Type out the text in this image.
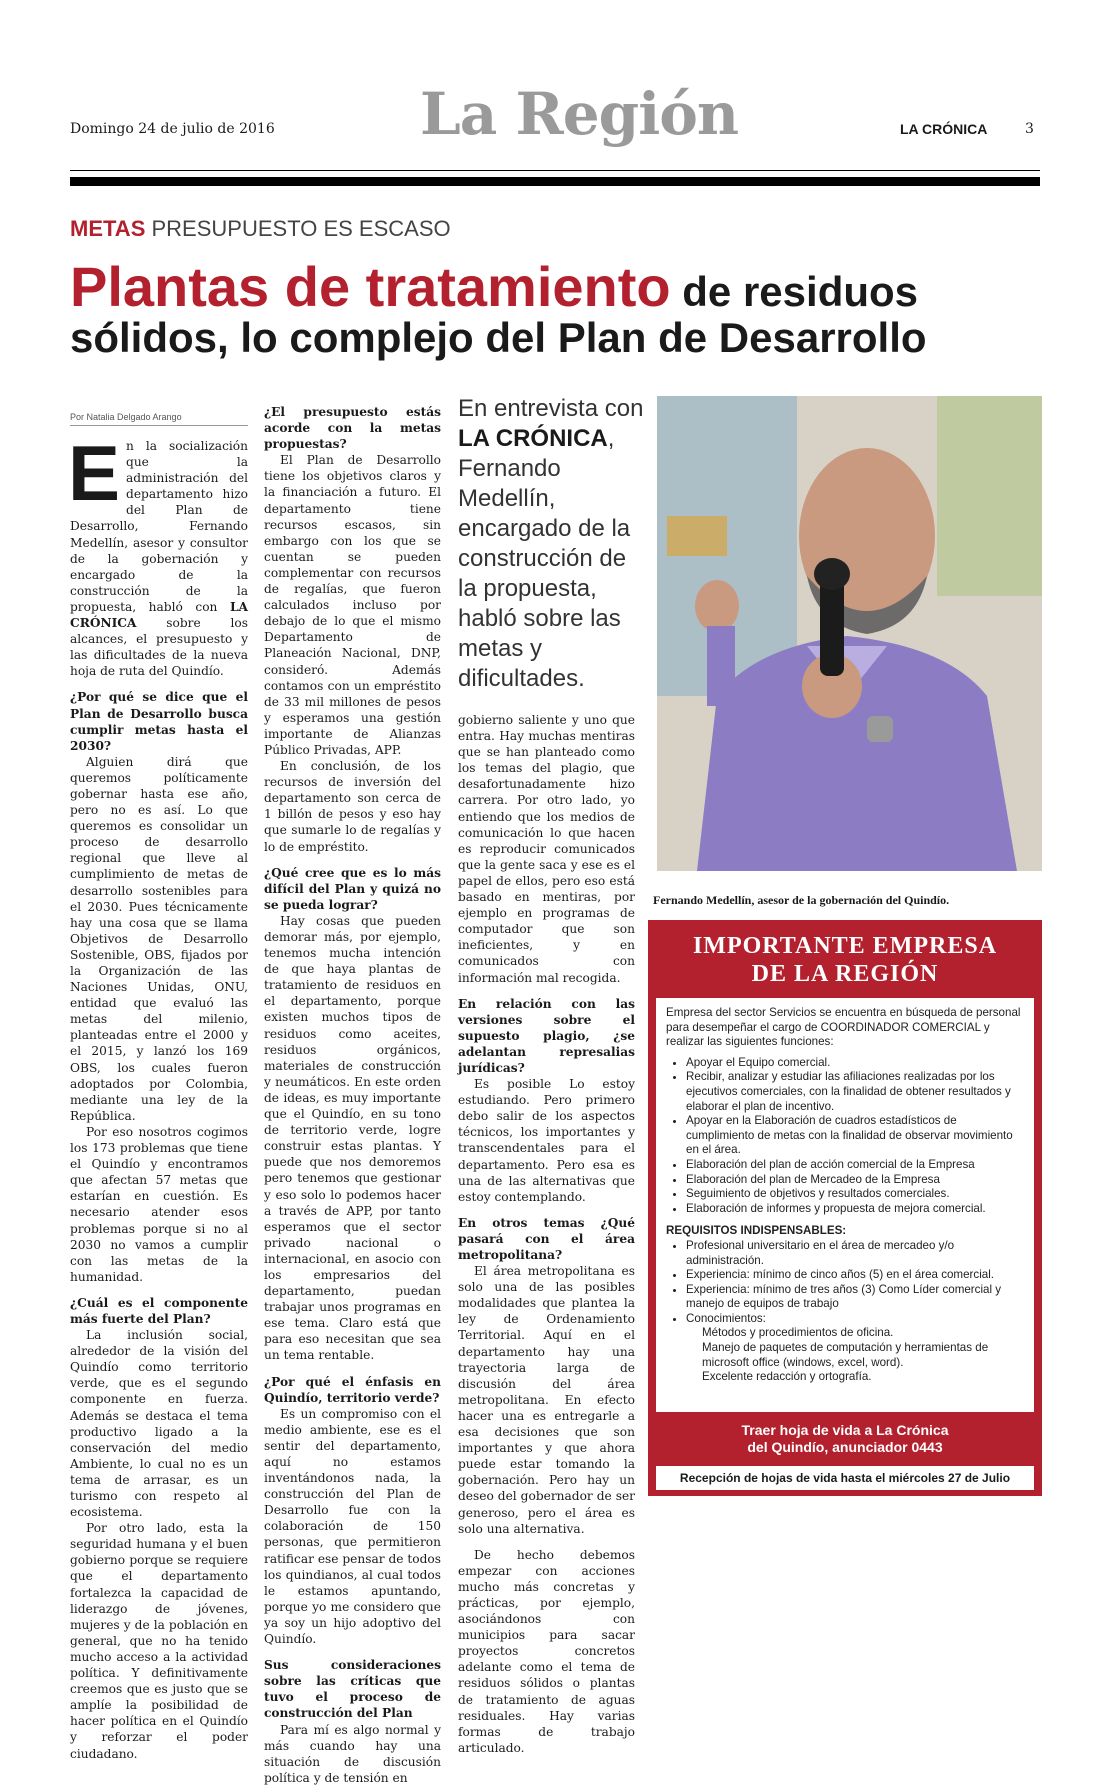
Domingo 24 de julio de 2016	La Región	LA CRÓNICA	3
METAS PRESUPUESTO ES ESCASO
Plantas de tratamiento de residuos sólidos, lo complejo del Plan de Desarrollo
Por Natalia Delgado Arango

En la socialización que la administración del departamento hizo del Plan de Desarrollo, Fernando Medellín, asesor y consultor de la gobernación y encargado de la construcción de la propuesta, habló con LA CRÓNICA sobre los alcances, el presupuesto y las dificultades de la nueva hoja de ruta del Quindío.

¿Por qué se dice que el Plan de Desarrollo busca cumplir metas hasta el 2030?

Alguien dirá que queremos políticamente gobernar hasta ese año, pero no es así. Lo que queremos es consolidar un proceso de desarrollo regional que lleve al cumplimiento de metas de desarrollo sostenibles para el 2030. Pues técnicamente hay una cosa que se llama Objetivos de Desarrollo Sostenible, OBS, fijados por la Organización de las Naciones Unidas, ONU, entidad que evaluó las metas del milenio, planteadas entre el 2000 y el 2015, y lanzó los 169 OBS, los cuales fueron adoptados por Colombia, mediante una ley de la República.

Por eso nosotros cogimos los 173 problemas que tiene el Quindío y encontramos que afectan 57 metas que estarían en cuestión. Es necesario atender esos problemas porque si no al 2030 no vamos a cumplir con las metas de la humanidad.

¿Cuál es el componente más fuerte del Plan?

La inclusión social, alrededor de la visión del Quindío como territorio verde, que es el segundo componente en fuerza. Además se destaca el tema productivo ligado a la conservación del medio Ambiente, lo cual no es un tema de arrasar, es un turismo con respeto al ecosistema.

Por otro lado, esta la seguridad humana y el buen gobierno porque se requiere que el departamento fortalezca la capacidad de liderazgo de jóvenes, mujeres y de la población en general, que no ha tenido mucho acceso a la actividad política. Y definitivamente creemos que es justo que se amplíe la posibilidad de hacer política en el Quindío y reforzar el poder ciudadano.

¿El presupuesto estás acorde con la metas propuestas?

El Plan de Desarrollo tiene los objetivos claros y la financiación a futuro. El departamento tiene recursos escasos, sin embargo con los que se cuentan se pueden complementar con recursos de regalías, que fueron calculados incluso por debajo de lo que el mismo Departamento de Planeación Nacional, DNP, consideró. Además contamos con un empréstito de 33 mil millones de pesos y esperamos una gestión importante de Alianzas Público Privadas, APP.

En conclusión, de los recursos de inversión del departamento son cerca de 1 billón de pesos y eso hay que sumarle lo de regalías y lo de empréstito.

¿Qué cree que es lo más difícil del Plan y quizá no se pueda lograr?

Hay cosas que pueden demorar más, por ejemplo, tenemos mucha intención de que haya plantas de tratamiento de residuos en el departamento, porque existen muchos tipos de residuos como aceites, residuos orgánicos, materiales de construcción y neumáticos. En este orden de ideas, es muy importante que el Quindío, en su tono de territorio verde, logre construir estas plantas. Y puede que nos demoremos pero tenemos que gestionar y eso solo lo podemos hacer a través de APP, por tanto esperamos que el sector privado nacional o internacional, en asocio con los empresarios del departamento, puedan trabajar unos programas en ese tema. Claro está que para eso necesitan que sea un tema rentable.

¿Por qué el énfasis en Quindío, territorio verde?

Es un compromiso con el medio ambiente, ese es el sentir del departamento, aquí no estamos inventándonos nada, la construcción del Plan de Desarrollo fue con la colaboración de 150 personas, que permitieron ratificar ese pensar de todos los quindianos, al cual todos le estamos apuntando, porque yo me considero que ya soy un hijo adoptivo del Quindío.

Sus consideraciones sobre las críticas que tuvo el proceso de construcción del Plan

Para mí es algo normal y más cuando hay una situación de discusión política y de tensión en

En entrevista con
LA CRÓNICA, Fernando Medellín, encargado de la construcción de la propuesta, habló sobre las metas y dificultades.

gobierno saliente y uno que entra. Hay muchas mentiras que se han planteado como los temas del plagio, que desafortunadamente hizo carrera. Por otro lado, yo entiendo que los medios de comunicación lo que hacen es reproducir comunicados que la gente saca y ese es el papel de ellos, pero eso está basado en mentiras, por ejemplo en programas de computador que son ineficientes, y en comunicados con información mal recogida.

En relación con las versiones sobre el supuesto plagio, ¿se adelantan represalias jurídicas?

Es posible Lo estoy estudiando. Pero primero debo salir de los aspectos técnicos, los importantes y transcendentales para el departamento. Pero esa es una de las alternativas que estoy contemplando.

En otros temas ¿Qué pasará con el área metropolitana?

El área metropolitana es solo una de las posibles modalidades que plantea la ley de Ordenamiento Territorial. Aquí en el departamento hay una trayectoria larga de discusión del área metropolitana. En efecto hacer una es entregarle a esa decisiones que son importantes y que ahora puede estar tomando la gobernación. Pero hay un deseo del gobernador de ser generoso, pero el área es solo una alternativa.

De hecho debemos empezar con acciones mucho más concretas y prácticas, por ejemplo, asociándonos con municipios para sacar proyectos concretos adelante como el tema de residuos sólidos o plantas de tratamiento de aguas residuales. Hay varias formas de trabajo articulado.

Fernando Medellín, asesor de la gobernación del Quindío.
IMPORTANTE EMPRESA
DE LA REGIÓN
Empresa del sector Servicios se encuentra en búsqueda de personal para desempeñar el cargo de COORDINADOR COMERCIAL y realizar las siguientes funciones:
• Apoyar el Equipo comercial.
• Recibir, analizar y estudiar las afiliaciones realizadas por los ejecutivos comerciales, con la finalidad de obtener resultados y elaborar el plan de incentivo.
• Apoyar en la Elaboración de cuadros estadísticos de cumplimiento de metas con la finalidad de observar movimiento en el área.
• Elaboración del plan de acción comercial de la Empresa
• Elaboración del plan de Mercadeo de la Empresa
• Seguimiento de objetivos y resultados comerciales.
• Elaboración de informes y propuesta de mejora comercial.
REQUISITOS INDISPENSABLES:
• Profesional universitario en el área de mercadeo y/o administración.
• Experiencia: mínimo de cinco años (5) en el área comercial.
• Experiencia: mínimo de tres años (3) Como Líder comercial y manejo de equipos de trabajo
• Conocimientos:
Métodos y procedimientos de oficina.
Manejo de paquetes de computación y herramientas de microsoft office (windows, excel, word).
Excelente redacción y ortografía.
Traer hoja de vida a La Crónica
del Quindío, anunciador 0443
Recepción de hojas de vida hasta el miércoles 27 de Julio
